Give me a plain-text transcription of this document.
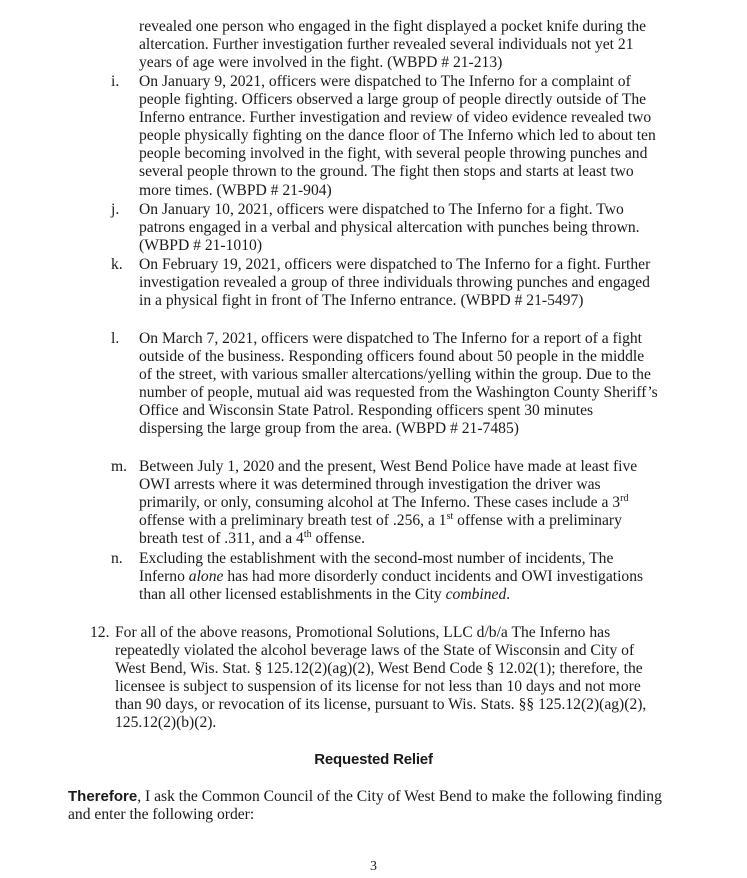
revealed one person who engaged in the fight displayed a pocket knife during the altercation. Further investigation further revealed several individuals not yet 21 years of age were involved in the fight. (WBPD # 21-213)
i.	On January 9, 2021, officers were dispatched to The Inferno for a complaint of people fighting. Officers observed a large group of people directly outside of The Inferno entrance. Further investigation and review of video evidence revealed two people physically fighting on the dance floor of The Inferno which led to about ten people becoming involved in the fight, with several people throwing punches and several people thrown to the ground. The fight then stops and starts at least two more times. (WBPD # 21-904)
j.	On January 10, 2021, officers were dispatched to The Inferno for a fight. Two patrons engaged in a verbal and physical altercation with punches being thrown. (WBPD # 21-1010)
k.	On February 19, 2021, officers were dispatched to The Inferno for a fight. Further investigation revealed a group of three individuals throwing punches and engaged in a physical fight in front of The Inferno entrance. (WBPD # 21-5497)
l.	On March 7, 2021, officers were dispatched to The Inferno for a report of a fight outside of the business. Responding officers found about 50 people in the middle of the street, with various smaller altercations/yelling within the group. Due to the number of people, mutual aid was requested from the Washington County Sheriff’s Office and Wisconsin State Patrol. Responding officers spent 30 minutes dispersing the large group from the area. (WBPD # 21-7485)
m. Between July 1, 2020 and the present, West Bend Police have made at least five OWI arrests where it was determined through investigation the driver was primarily, or only, consuming alcohol at The Inferno. These cases include a 3rd offense with a preliminary breath test of .256, a 1st offense with a preliminary breath test of .311, and a 4th offense.
n.	Excluding the establishment with the second-most number of incidents, The Inferno alone has had more disorderly conduct incidents and OWI investigations than all other licensed establishments in the City combined.
12. For all of the above reasons, Promotional Solutions, LLC d/b/a The Inferno has repeatedly violated the alcohol beverage laws of the State of Wisconsin and City of West Bend, Wis. Stat. § 125.12(2)(ag)(2), West Bend Code § 12.02(1); therefore, the licensee is subject to suspension of its license for not less than 10 days and not more than 90 days, or revocation of its license, pursuant to Wis. Stats. §§ 125.12(2)(ag)(2), 125.12(2)(b)(2).
Requested Relief
Therefore, I ask the Common Council of the City of West Bend to make the following finding and enter the following order:
3
